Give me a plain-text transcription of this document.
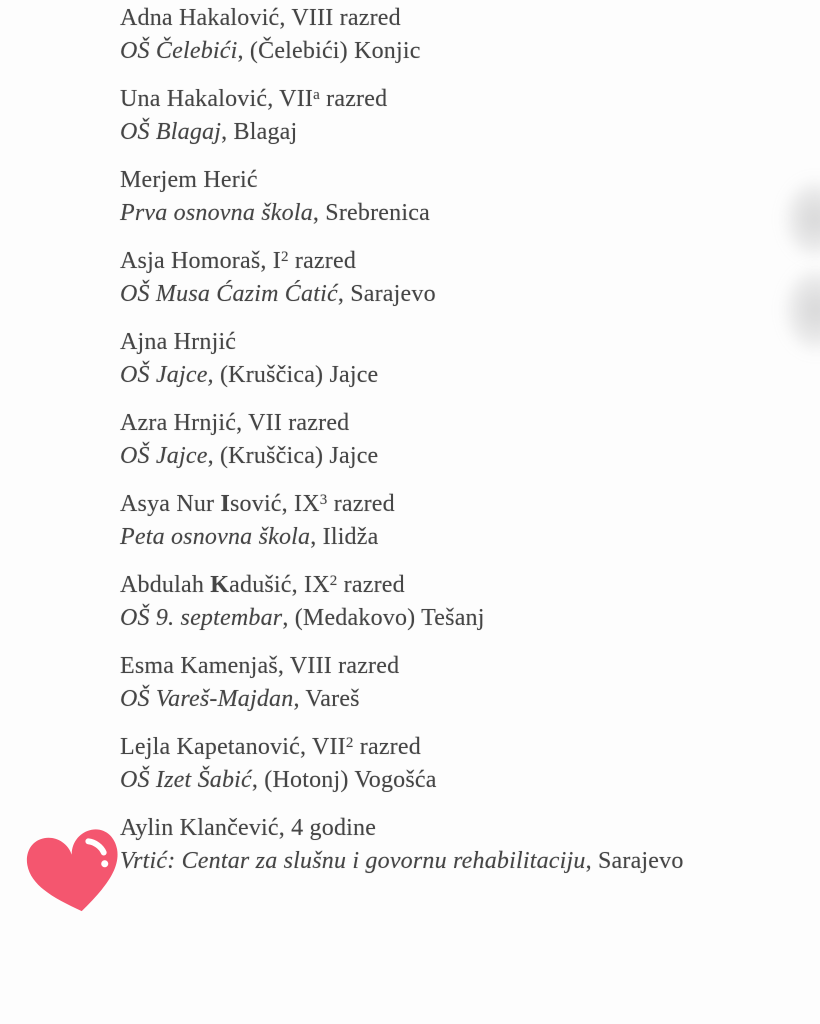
Adna Hakalović, VIII razred
OŠ Čelebići, (Čelebići) Konjic
Una Hakalović, VII$^a$ razred
OŠ Blagaj, Blagaj
Merjem Herić
Prva osnovna škola, Srebrenica
Asja Homoraš, $I^2$ razred
OŠ Musa Ćazim Ćatić, Sarajevo
Ajna Hrnjić
OŠ Jajce, (Kruščica) Jajce
Azra Hrnjić, VII razred
OŠ Jajce, (Kruščica) Jajce
Asya Nur Isović, $IX^3$ razred
Peta osnovna škola, Ilidža
Abdulah Kadušić, $IX^2$ razred
OŠ 9. septembar, (Medakovo) Tešanj
Esma Kamenjaš, VIII razred
OŠ Vareš-Majdan, Vareš
Lejla Kapetanović, VII$^2$ razred
OŠ Izet Šabić, (Hotonj) Vogošća
Aylin Klančević, 4 godine
Vrtić: Centar za slušnu i govornu rehabilitaciju, Sarajevo
